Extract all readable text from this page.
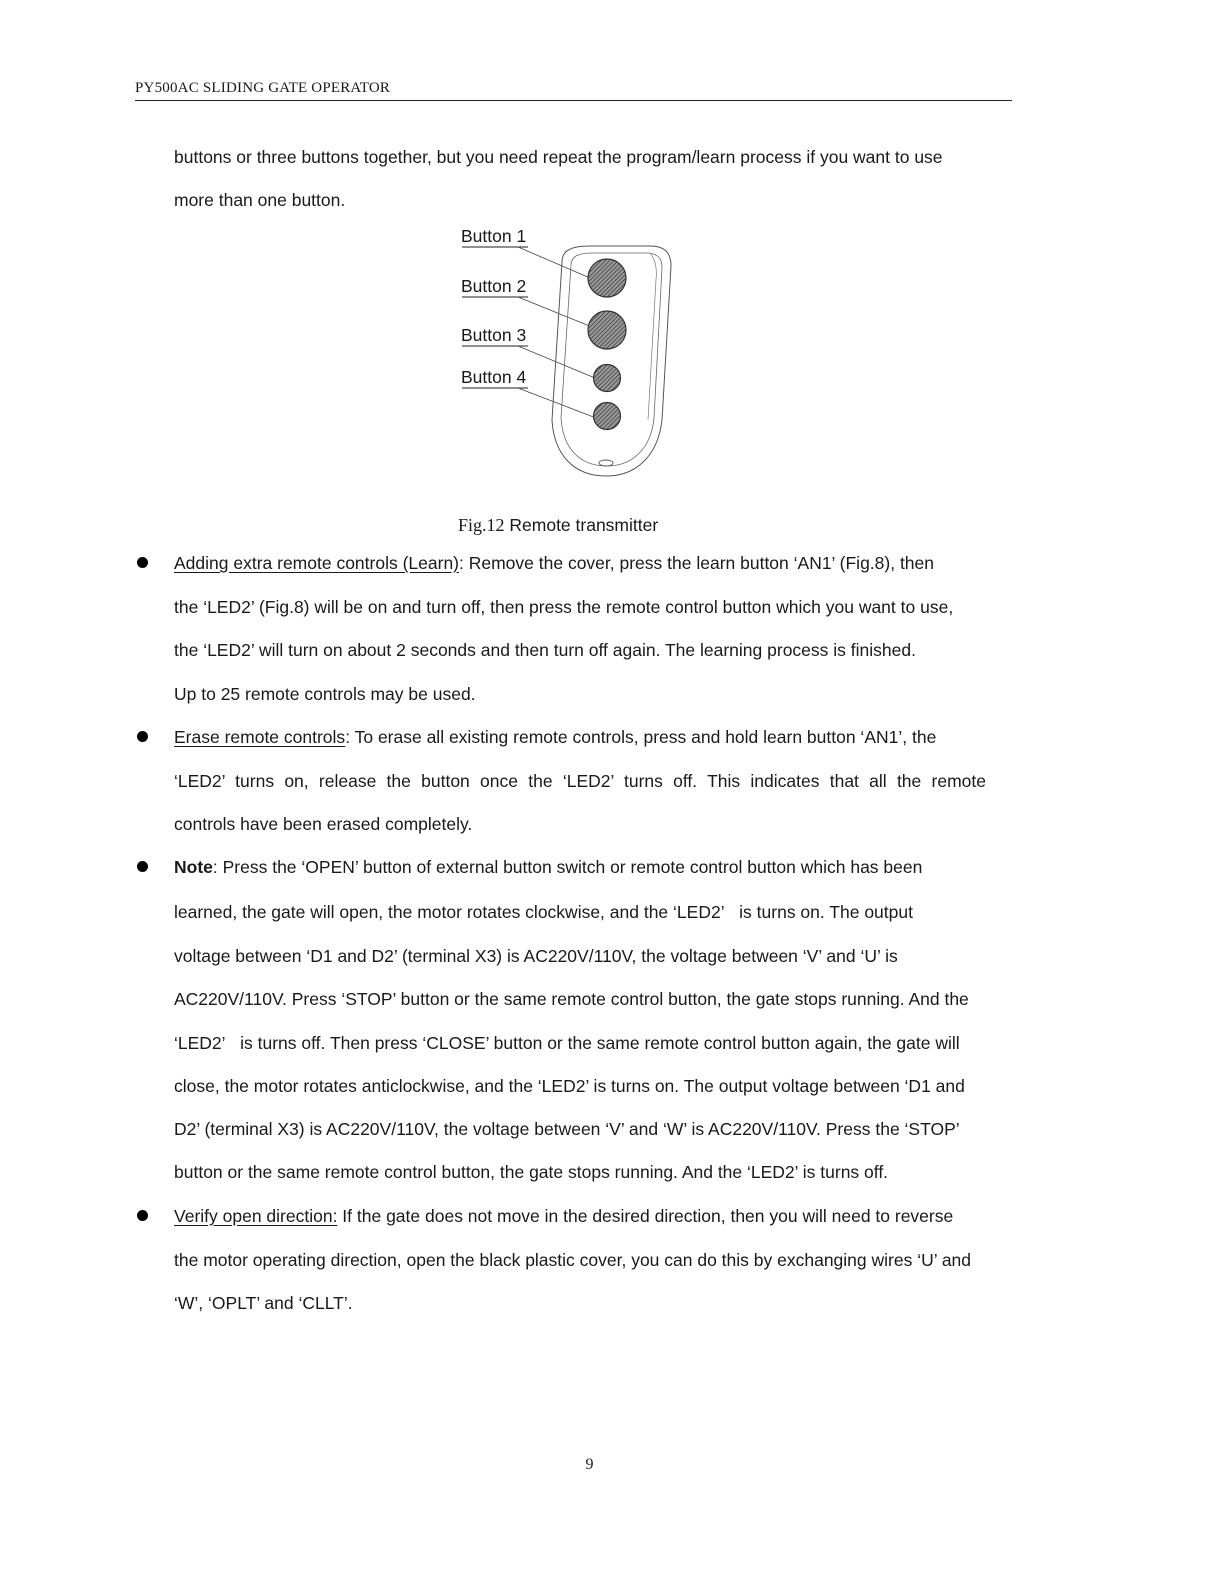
PY500AC SLIDING GATE OPERATOR
buttons or three buttons together, but you need repeat the program/learn process if you want to use
more than one button.
Button 1
Button 2
Button 3
Button 4
Fig.12 Remote transmitter
Adding extra remote controls (Learn): Remove the cover, press the learn button ‘AN1’ (Fig.8), then
the ‘LED2’ (Fig.8) will be on and turn off, then press the remote control button which you want to use,
the ‘LED2’ will turn on about 2 seconds and then turn off again. The learning process is finished.
Up to 25 remote controls may be used.
Erase remote controls: To erase all existing remote controls, press and hold learn button ‘AN1’, the
‘LED2’ turns on, release the button once the ‘LED2’ turns off. This indicates that all the remote
controls have been erased completely.
Note: Press the ‘OPEN’ button of external button switch or remote control button which has been
learned, the gate will open, the motor rotates clockwise, and the ‘LED2’   is turns on. The output
voltage between ‘D1 and D2’ (terminal X3) is AC220V/110V, the voltage between ‘V’ and ‘U’ is
AC220V/110V. Press ‘STOP’ button or the same remote control button, the gate stops running. And the
‘LED2’   is turns off. Then press ‘CLOSE’ button or the same remote control button again, the gate will
close, the motor rotates anticlockwise, and the ‘LED2’ is turns on. The output voltage between ‘D1 and
D2’ (terminal X3) is AC220V/110V, the voltage between ‘V’ and ‘W’ is AC220V/110V. Press the ‘STOP’
button or the same remote control button, the gate stops running. And the ‘LED2’ is turns off.
Verify open direction: If the gate does not move in the desired direction, then you will need to reverse
the motor operating direction, open the black plastic cover, you can do this by exchanging wires ‘U’ and
‘W’, ‘OPLT’ and ‘CLLT’.
9
